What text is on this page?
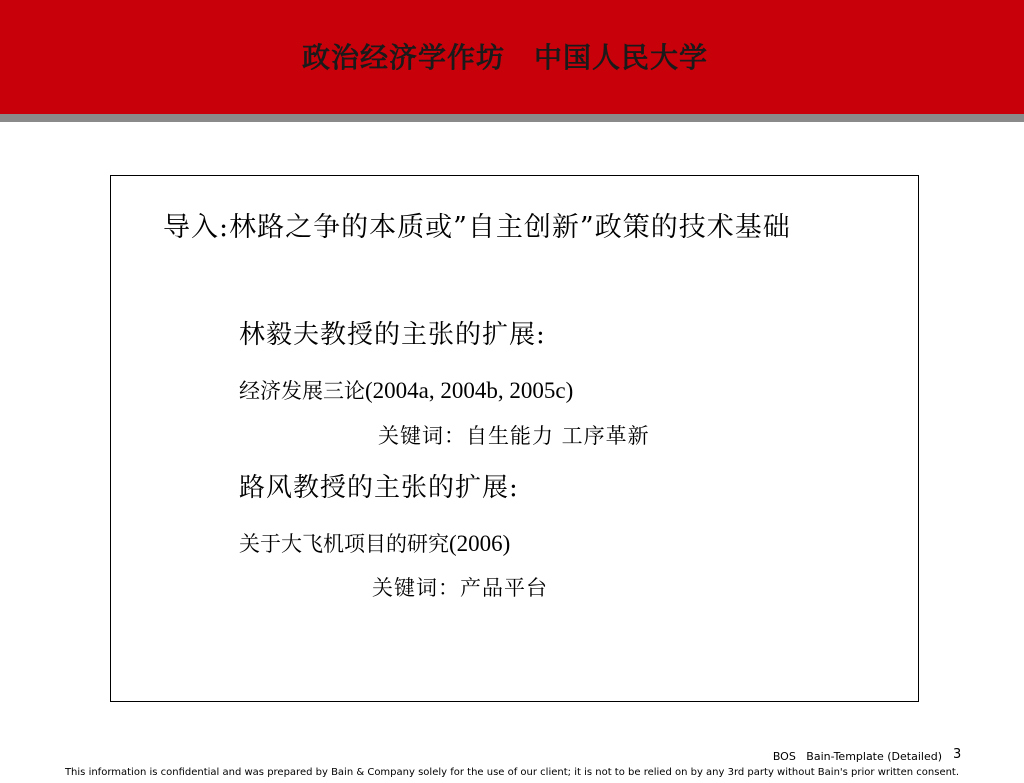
政治经济学作坊　中国人民大学
导入:林路之争的本质或”自主创新”政策的技术基础
林毅夫教授的主张的扩展:
经济发展三论(2004a, 2004b, 2005c)
关键词：自生能力 工序革新
路风教授的主张的扩展:
关于大飞机项目的研究(2006)
关键词：产品平台
BOS   Bain-Template (Detailed) 3
This information is confidential and was prepared by Bain & Company solely for the use of our client; it is not to be relied on by any 3rd party without Bain's prior written consent.
